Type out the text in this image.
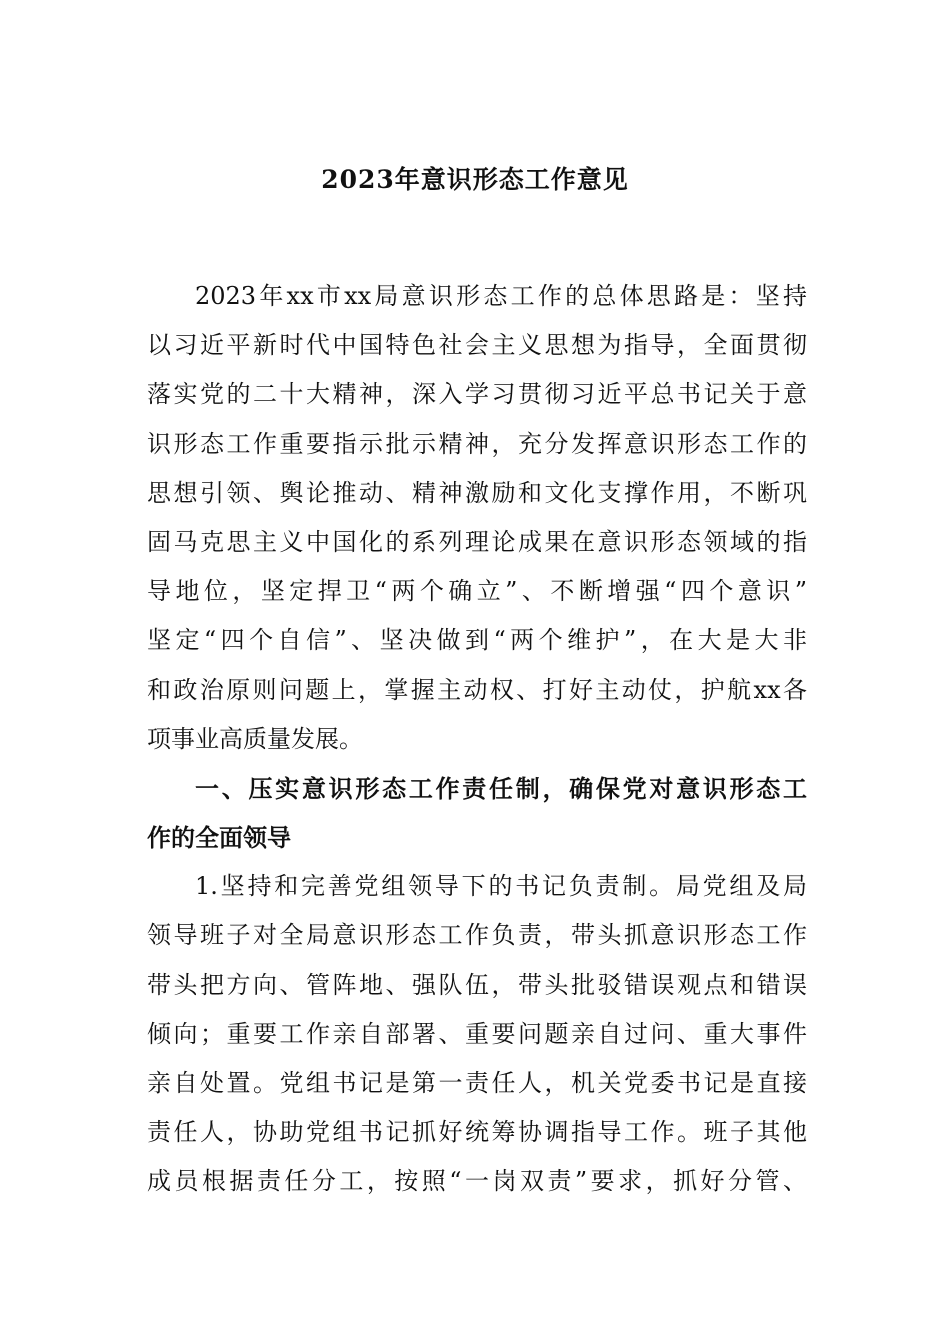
2023年意识形态工作意见
2023年xx市xx局意识形态工作的总体思路是：坚持
以习近平新时代中国特色社会主义思想为指导，全面贯彻
落实党的二十大精神，深入学习贯彻习近平总书记关于意
识形态工作重要指示批示精神，充分发挥意识形态工作的
思想引领、舆论推动、精神激励和文化支撑作用，不断巩
固马克思主义中国化的系列理论成果在意识形态领域的指
导地位，坚定捍卫“两个确立”、不断增强“四个意识”
坚定“四个自信”、坚决做到“两个维护”，在大是大非
和政治原则问题上，掌握主动权、打好主动仗，护航xx各
项事业高质量发展。
一、压实意识形态工作责任制，确保党对意识形态工
作的全面领导
1.坚持和完善党组领导下的书记负责制。局党组及局
领导班子对全局意识形态工作负责，带头抓意识形态工作
带头把方向、管阵地、强队伍，带头批驳错误观点和错误
倾向；重要工作亲自部署、重要问题亲自过问、重大事件
亲自处置。党组书记是第一责任人，机关党委书记是直接
责任人，协助党组书记抓好统筹协调指导工作。班子其他
成员根据责任分工，按照“一岗双责”要求，抓好分管、
